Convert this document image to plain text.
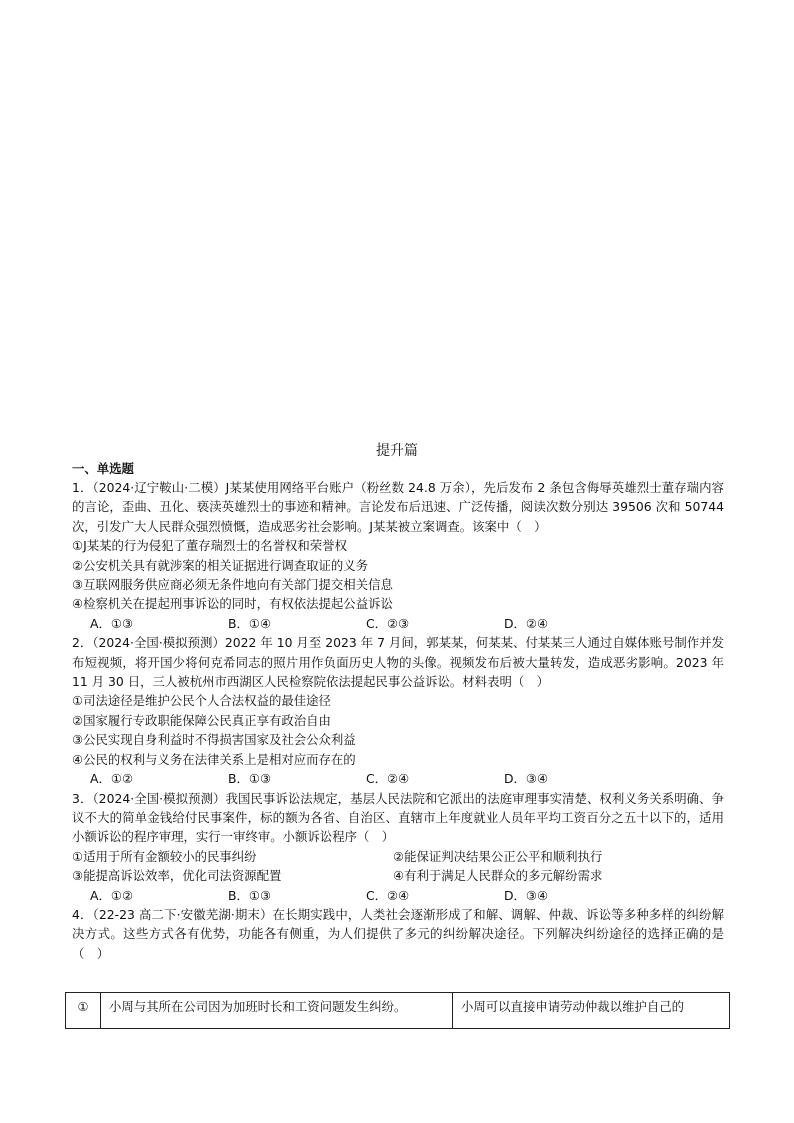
提升篇
一、单选题
1．（2024·辽宁鞍山·二模）J某某使用网络平台账户（粉丝数 24.8 万余），先后发布 2 条包含侮辱英雄烈士董存瑞内容的言论，歪曲、丑化、亵渎英雄烈士的事迹和精神。言论发布后迅速、广泛传播，阅读次数分别达 39506 次和 50744 次，引发广大人民群众强烈愤慨，造成恶劣社会影响。J某某被立案调查。该案中（　）
①J某某的行为侵犯了董存瑞烈士的名誉权和荣誉权
②公安机关具有就涉案的相关证据进行调查取证的义务
③互联网服务供应商必须无条件地向有关部门提交相关信息
④检察机关在提起刑事诉讼的同时，有权依法提起公益诉讼
A．①③	B．①④	C．②③	D．②④
2．（2024·全国·模拟预测）2022 年 10 月至 2023 年 7 月间，郭某某，何某某、付某某三人通过自媒体账号制作并发布短视频，将开国少将何克希同志的照片用作负面历史人物的头像。视频发布后被大量转发，造成恶劣影响。2023 年 11 月 30 日，三人被杭州市西湖区人民检察院依法提起民事公益诉讼。材料表明（　）
①司法途径是维护公民个人合法权益的最佳途径
②国家履行专政职能保障公民真正享有政治自由
③公民实现自身利益时不得损害国家及社会公众利益
④公民的权利与义务在法律关系上是相对应而存在的
A．①②	B．①③	C．②④	D．③④
3．（2024·全国·模拟预测）我国民事诉讼法规定，基层人民法院和它派出的法庭审理事实清楚、权利义务关系明确、争议不大的简单金钱给付民事案件，标的额为各省、自治区、直辖市上年度就业人员年平均工资百分之五十以下的，适用小额诉讼的程序审理，实行一审终审。小额诉讼程序（　）
①适用于所有金额较小的民事纠纷	②能保证判决结果公正公平和顺利执行
③能提高诉讼效率，优化司法资源配置	④有利于满足人民群众的多元解纷需求
A．①②	B．①③	C．②④	D．③④
4．（22-23 高二下·安徽芜湖·期末）在长期实践中，人类社会逐渐形成了和解、调解、仲裁、诉讼等多种多样的纠纷解决方式。这些方式各有优势，功能各有侧重，为人们提供了多元的纠纷解决途径。下列解决纠纷途径的选择正确的是（　）
①	小周与其所在公司因为加班时长和工资问题发生纠纷。	小周可以直接申请劳动仲裁以维护自己的
